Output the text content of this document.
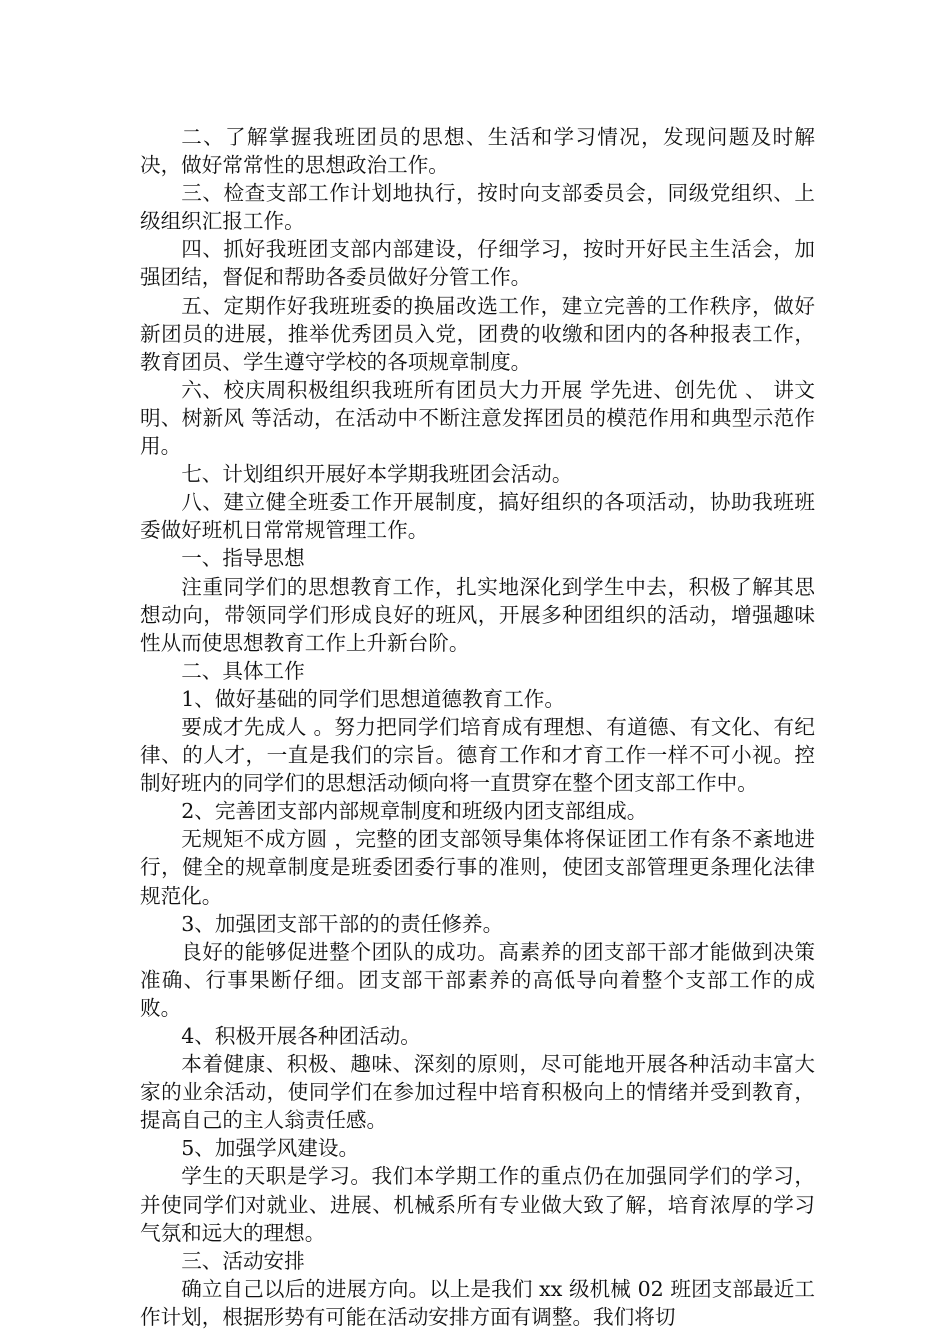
二、了解掌握我班团员的思想、生活和学习情况，发现问题及时解决，做好常常性的思想政治工作。

三、检查支部工作计划地执行，按时向支部委员会，同级党组织、上级组织汇报工作。

四、抓好我班团支部内部建设，仔细学习，按时开好民主生活会，加强团结，督促和帮助各委员做好分管工作。

五、定期作好我班班委的换届改选工作，建立完善的工作秩序，做好新团员的进展，推举优秀团员入党，团费的收缴和团内的各种报表工作，教育团员、学生遵守学校的各项规章制度。

六、校庆周积极组织我班所有团员大力开展 学先进、创先优 、 讲文明、树新风 等活动，在活动中不断注意发挥团员的模范作用和典型示范作用。

七、计划组织开展好本学期我班团会活动。

八、建立健全班委工作开展制度，搞好组织的各项活动，协助我班班委做好班机日常常规管理工作。

一、指导思想

注重同学们的思想教育工作，扎实地深化到学生中去，积极了解其思想动向，带领同学们形成良好的班风，开展多种团组织的活动，增强趣味性从而使思想教育工作上升新台阶。

二、具体工作

1、做好基础的同学们思想道德教育工作。

要成才先成人 。努力把同学们培育成有理想、有道德、有文化、有纪律、的人才，一直是我们的宗旨。德育工作和才育工作一样不可小视。控制好班内的同学们的思想活动倾向将一直贯穿在整个团支部工作中。

2、完善团支部内部规章制度和班级内团支部组成。

无规矩不成方圆 ，完整的团支部领导集体将保证团工作有条不紊地进行，健全的规章制度是班委团委行事的准则，使团支部管理更条理化法律规范化。

3、加强团支部干部的的责任修养。

良好的能够促进整个团队的成功。高素养的团支部干部才能做到决策准确、行事果断仔细。团支部干部素养的高低导向着整个支部工作的成败。

4、积极开展各种团活动。

本着健康、积极、趣味、深刻的原则，尽可能地开展各种活动丰富大家的业余活动，使同学们在参加过程中培育积极向上的情绪并受到教育，提高自己的主人翁责任感。

5、加强学风建设。

学生的天职是学习。我们本学期工作的重点仍在加强同学们的学习，并使同学们对就业、进展、机械系所有专业做大致了解，培育浓厚的学习气氛和远大的理想。

三、活动安排

确立自己以后的进展方向。以上是我们 xx 级机械 02 班团支部最近工作计划，根据形势有可能在活动安排方面有调整。我们将切
